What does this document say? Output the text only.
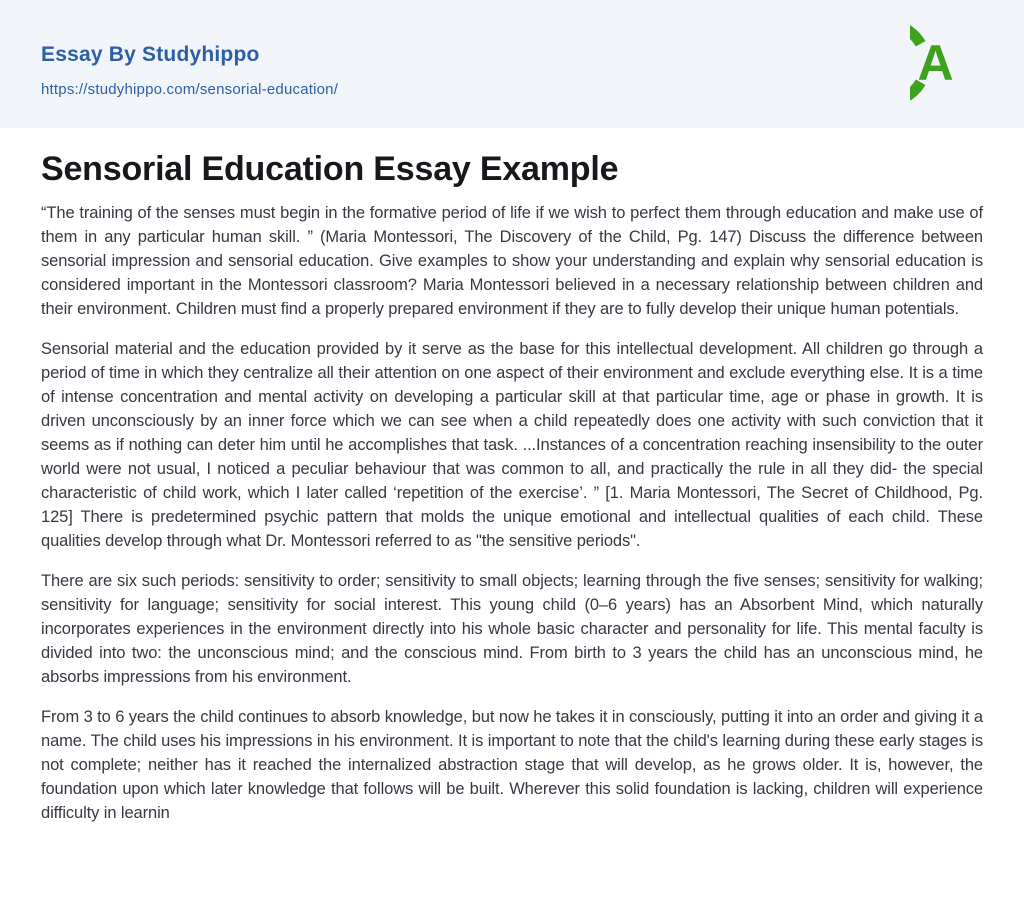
Essay By Studyhippo
https://studyhippo.com/sensorial-education/	A
Sensorial Education Essay Example

“The training of the senses must begin in the formative period of life if we wish to perfect them through education and make use of them in any particular human skill. ” (Maria Montessori, The Discovery of the Child, Pg. 147) Discuss the difference between sensorial impression and sensorial education. Give examples to show your understanding and explain why sensorial education is considered important in the Montessori classroom? Maria Montessori believed in a necessary relationship between children and their environment. Children must find a properly prepared environment if they are to fully develop their unique human potentials.

Sensorial material and the education provided by it serve as the base for this intellectual development. All children go through a period of time in which they centralize all their attention on one aspect of their environment and exclude everything else. It is a time of intense concentration and mental activity on developing a particular skill at that particular time, age or phase in growth. It is driven unconsciously by an inner force which we can see when a child repeatedly does one activity with such conviction that it seems as if nothing can deter him until he accomplishes that task. ...Instances of a concentration reaching insensibility to the outer world were not usual, I noticed a peculiar behaviour that was common to all, and practically the rule in all they did- the special characteristic of child work, which I later called ‘repetition of the exercise’. ” [1. Maria Montessori, The Secret of Childhood, Pg. 125] There is predetermined psychic pattern that molds the unique emotional and intellectual qualities of each child. These qualities develop through what Dr. Montessori referred to as "the sensitive periods".

There are six such periods: sensitivity to order; sensitivity to small objects; learning through the five senses; sensitivity for walking; sensitivity for language; sensitivity for social interest. This young child (0–6 years) has an Absorbent Mind, which naturally incorporates experiences in the environment directly into his whole basic character and personality for life. This mental faculty is divided into two: the unconscious mind; and the conscious mind. From birth to 3 years the child has an unconscious mind, he absorbs impressions from his environment.

From 3 to 6 years the child continues to absorb knowledge, but now he takes it in consciously, putting it into an order and giving it a name. The child uses his impressions in his environment. It is important to note that the child's learning during these early stages is not complete; neither has it reached the internalized abstraction stage that will develop, as he grows older. It is, however, the foundation upon which later knowledge that follows will be built. Wherever this solid foundation is lacking, children will experience difficulty in learnin
